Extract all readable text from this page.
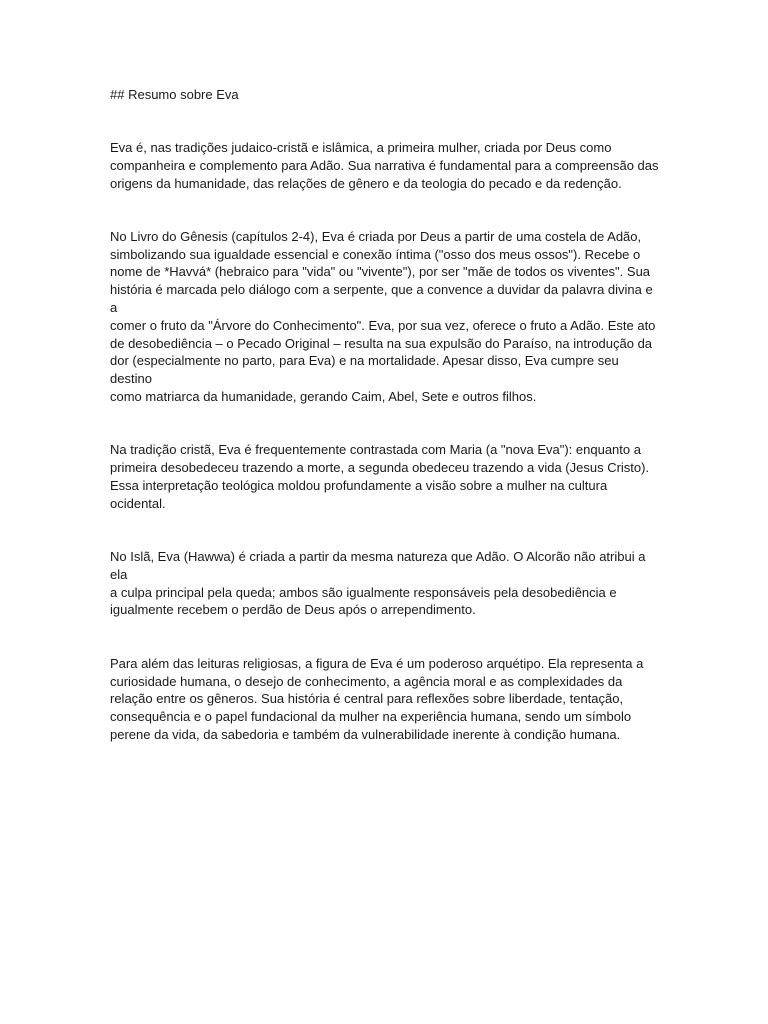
## Resumo sobre Eva

Eva é, nas tradições judaico-cristã e islâmica, a primeira mulher, criada por Deus como
companheira e complemento para Adão. Sua narrativa é fundamental para a compreensão das
origens da humanidade, das relações de gênero e da teologia do pecado e da redenção.

No Livro do Gênesis (capítulos 2-4), Eva é criada por Deus a partir de uma costela de Adão,
simbolizando sua igualdade essencial e conexão íntima ("osso dos meus ossos"). Recebe o
nome de *Havvá* (hebraico para "vida" ou "vivente"), por ser "mãe de todos os viventes". Sua
história é marcada pelo diálogo com a serpente, que a convence a duvidar da palavra divina e a
comer o fruto da "Árvore do Conhecimento". Eva, por sua vez, oferece o fruto a Adão. Este ato
de desobediência – o Pecado Original – resulta na sua expulsão do Paraíso, na introdução da
dor (especialmente no parto, para Eva) e na mortalidade. Apesar disso, Eva cumpre seu destino
como matriarca da humanidade, gerando Caim, Abel, Sete e outros filhos.

Na tradição cristã, Eva é frequentemente contrastada com Maria (a "nova Eva"): enquanto a
primeira desobedeceu trazendo a morte, a segunda obedeceu trazendo a vida (Jesus Cristo).
Essa interpretação teológica moldou profundamente a visão sobre a mulher na cultura
ocidental.

No Islã, Eva (Hawwa) é criada a partir da mesma natureza que Adão. O Alcorão não atribui a ela
a culpa principal pela queda; ambos são igualmente responsáveis pela desobediência e
igualmente recebem o perdão de Deus após o arrependimento.

Para além das leituras religiosas, a figura de Eva é um poderoso arquétipo. Ela representa a
curiosidade humana, o desejo de conhecimento, a agência moral e as complexidades da
relação entre os gêneros. Sua história é central para reflexões sobre liberdade, tentação,
consequência e o papel fundacional da mulher na experiência humana, sendo um símbolo
perene da vida, da sabedoria e também da vulnerabilidade inerente à condição humana.
